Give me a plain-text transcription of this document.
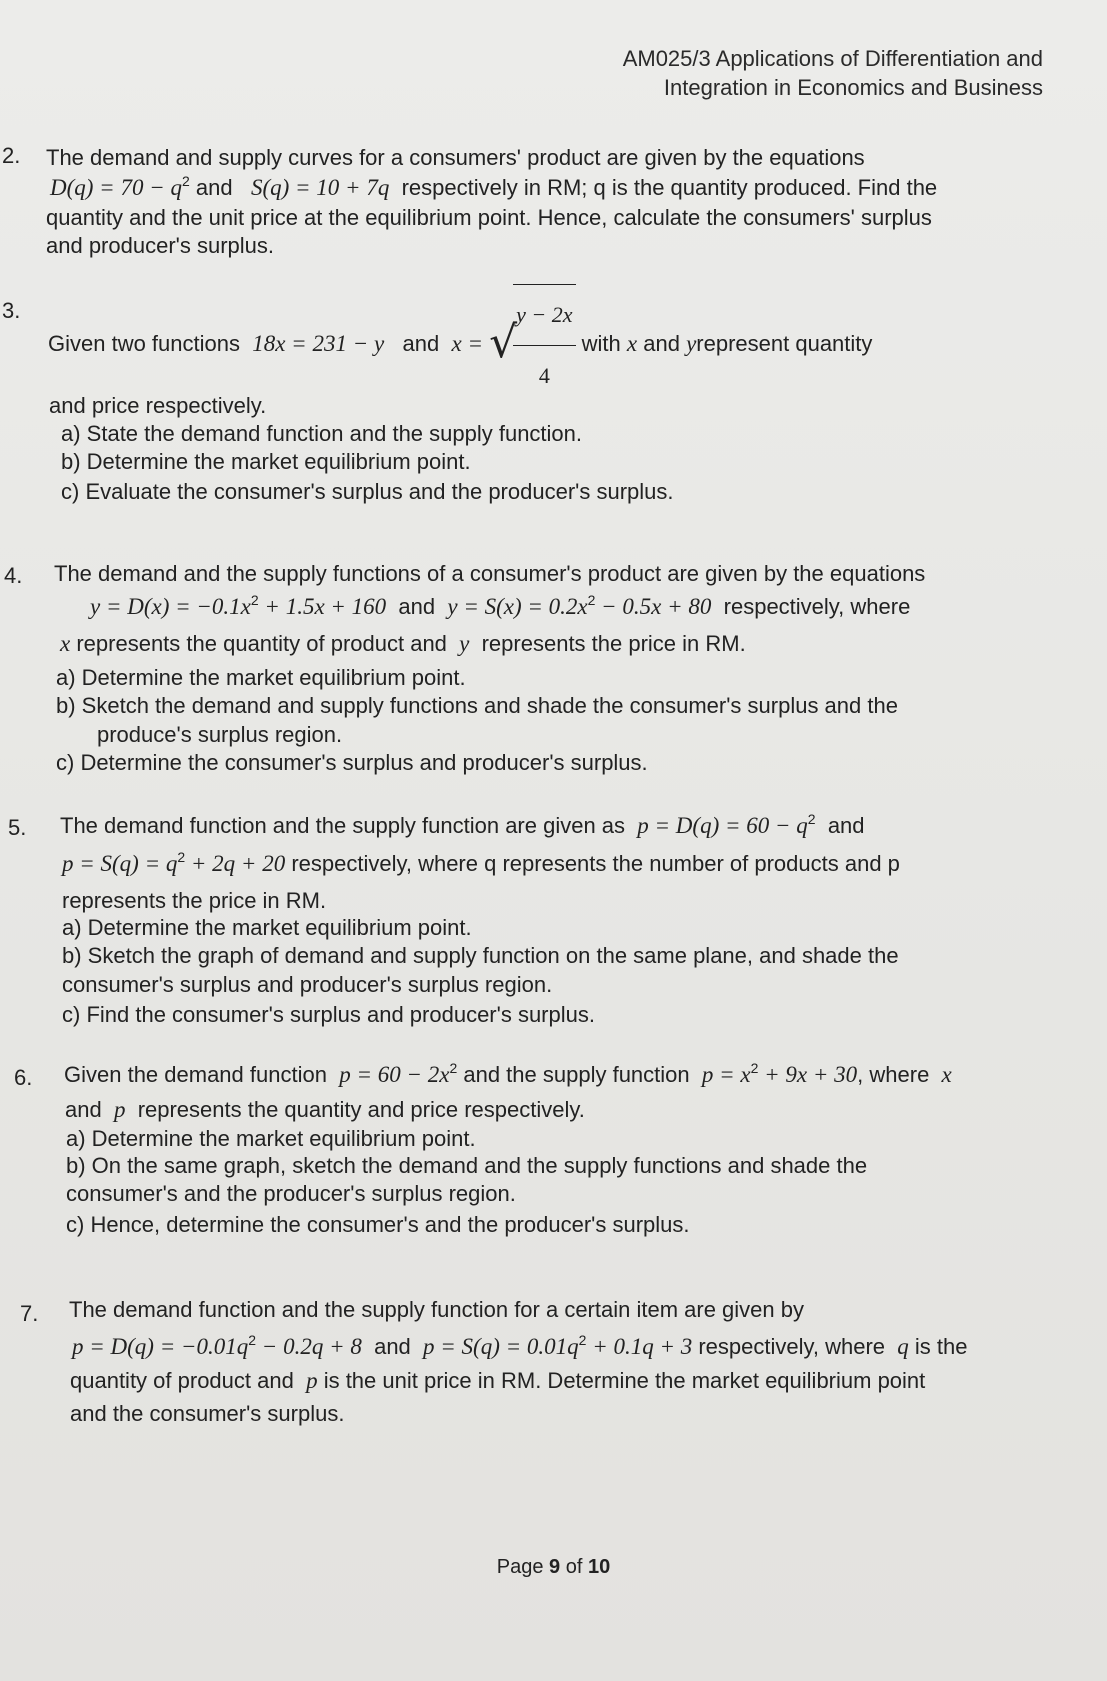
AM025/3 Applications of Differentiation and
Integration in Economics and Business
2. The demand and supply curves for a consumers' product are given by the equations
$D(q) = 70 - q^2$ and S(q) = 10 + 7q respectively in RM; q is the quantity produced. Find the
quantity and the unit price at the equilibrium point. Hence, calculate the consumers' surplus
and producer's surplus.
3.
Given two functions 18x = 231 − y and x = √
$\frac{y - 2x}{4}$ with x and yrepresent quantity
and price respectively.
a) State the demand function and the supply function.
b) Determine the market equilibrium point.
c) Evaluate the consumer's surplus and the producer's surplus.
4. The demand and the supply functions of a consumer's product are given by the equations
$y = D(x) = -0.1x^2 + 1.5x + 160$ and $y = S(x) = 0.2x^2 - 0.5x + 80$ respectively, where
x represents the quantity of product and y represents the price in RM.
a) Determine the market equilibrium point.
b) Sketch the demand and supply functions and shade the consumer's surplus and the
produce's surplus region.
c) Determine the consumer's surplus and producer's surplus.
5. The demand function and the supply function are given as $p = D(q) = 60 - q^2$ and
$p = S(q) = q^2 + 2q + 20$ respectively, where q represents the number of products and p
represents the price in RM.
a) Determine the market equilibrium point.
b) Sketch the graph of demand and supply function on the same plane, and shade the
consumer's surplus and producer's surplus region.
c) Find the consumer's surplus and producer's surplus.
6. Given the demand function $p = 60 - 2x^2$ and the supply function $p = x^2 + 9x + 30$, where x
and p represents the quantity and price respectively.
a) Determine the market equilibrium point.
b) On the same graph, sketch the demand and the supply functions and shade the
consumer's and the producer's surplus region.
c) Hence, determine the consumer's and the producer's surplus.
7. The demand function and the supply function for a certain item are given by
$p = D(q) = -0.01q^2 - 0.2q + 8$ and $p = S(q) = 0.01q^2 + 0.1q + 3$ respectively, where q is the
quantity of product and p is the unit price in RM. Determine the market equilibrium point
and the consumer's surplus.
Page 9 of 10
